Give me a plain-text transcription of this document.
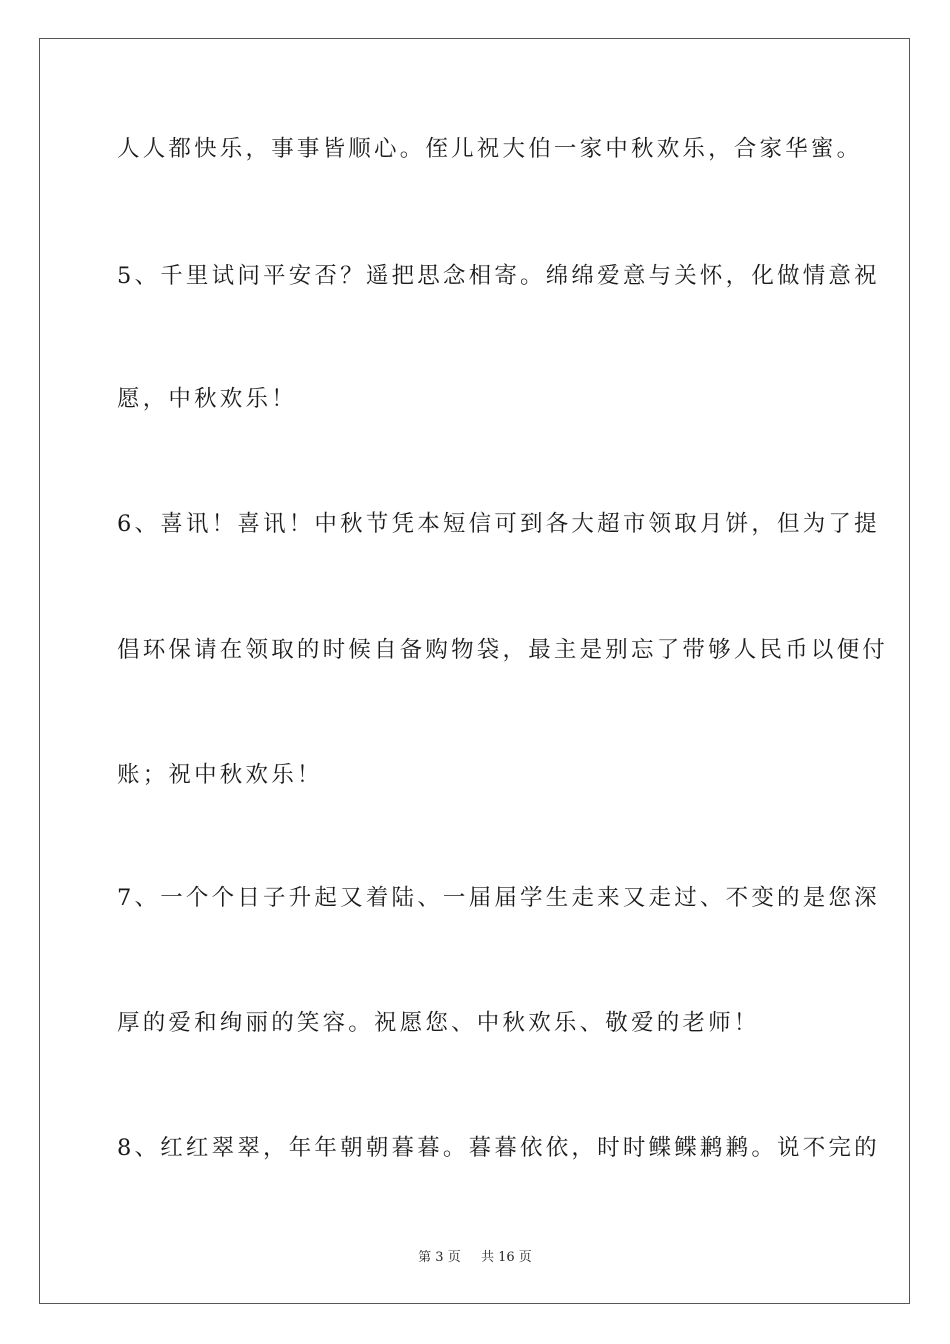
人人都快乐，事事皆顺心。侄儿祝大伯一家中秋欢乐，合家华蜜。
5、千里试问平安否？遥把思念相寄。绵绵爱意与关怀，化做情意祝
愿，中秋欢乐！
6、喜讯！喜讯！中秋节凭本短信可到各大超市领取月饼，但为了提
倡环保请在领取的时候自备购物袋，最主是别忘了带够人民币以便付
账；祝中秋欢乐！
7、一个个日子升起又着陆、一届届学生走来又走过、不变的是您深
厚的爱和绚丽的笑容。祝愿您、中秋欢乐、敬爱的老师！
8、红红翠翠，年年朝朝暮暮。暮暮依依，时时鲽鲽鹣鹣。说不完的
第 3 页 共 16 页
